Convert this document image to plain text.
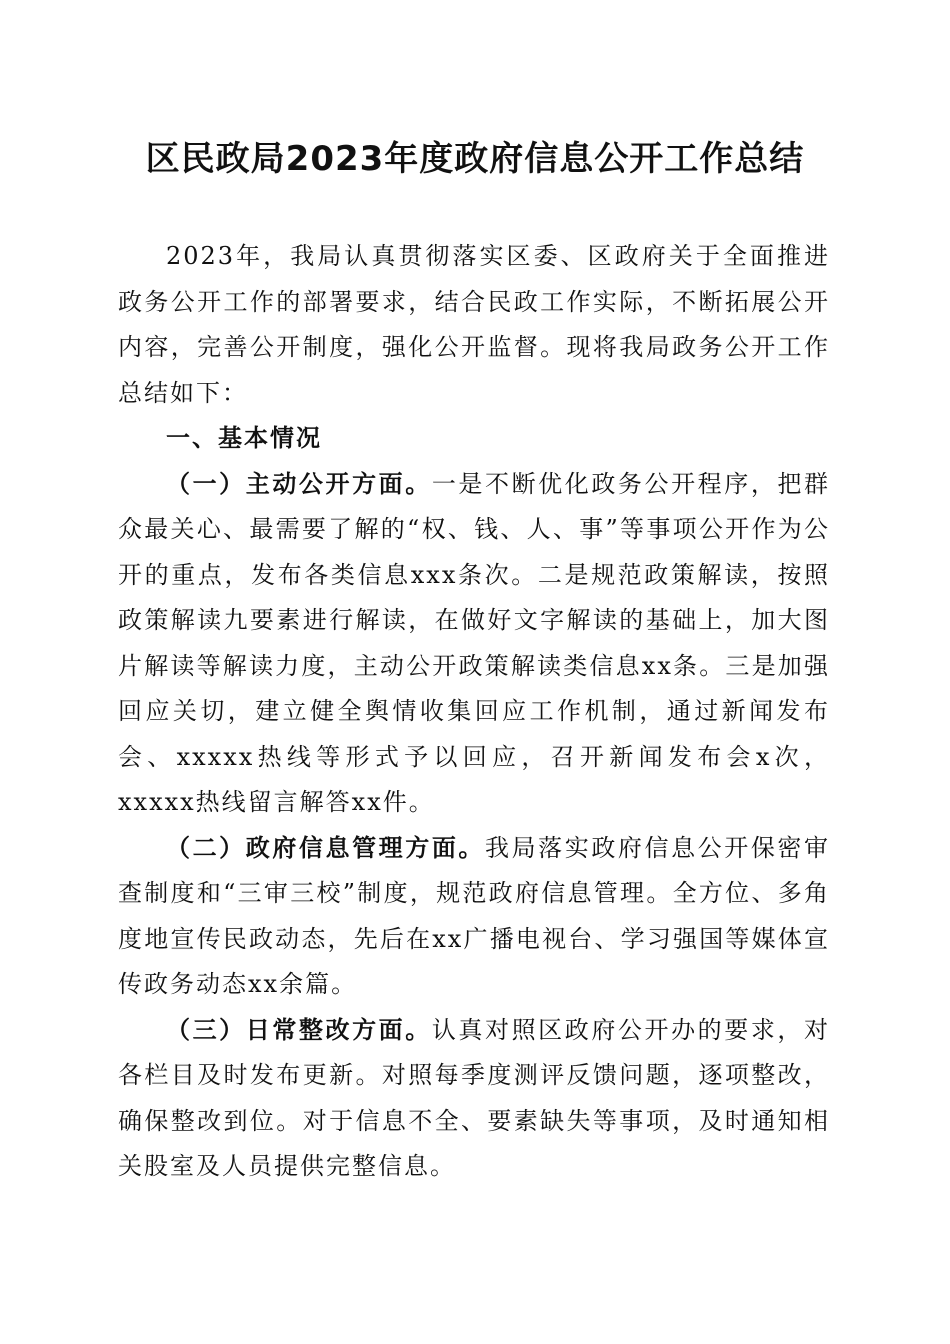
区民政局2023年度政府信息公开工作总结

2023年，我局认真贯彻落实区委、区政府关于全面推进政务公开工作的部署要求，结合民政工作实际，不断拓展公开内容，完善公开制度，强化公开监督。现将我局政务公开工作总结如下：

一、基本情况

（一）主动公开方面。一是不断优化政务公开程序，把群众最关心、最需要了解的“权、钱、人、事”等事项公开作为公开的重点，发布各类信息xxx条次。二是规范政策解读，按照政策解读九要素进行解读，在做好文字解读的基础上，加大图片解读等解读力度，主动公开政策解读类信息xx条。三是加强回应关切，建立健全舆情收集回应工作机制，通过新闻发布会、xxxxx热线等形式予以回应，召开新闻发布会x次，xxxxx热线留言解答xx件。

（二）政府信息管理方面。我局落实政府信息公开保密审查制度和“三审三校”制度，规范政府信息管理。全方位、多角度地宣传民政动态，先后在xx广播电视台、学习强国等媒体宣传政务动态xx余篇。

（三）日常整改方面。认真对照区政府公开办的要求，对各栏目及时发布更新。对照每季度测评反馈问题，逐项整改，确保整改到位。对于信息不全、要素缺失等事项，及时通知相关股室及人员提供完整信息。
